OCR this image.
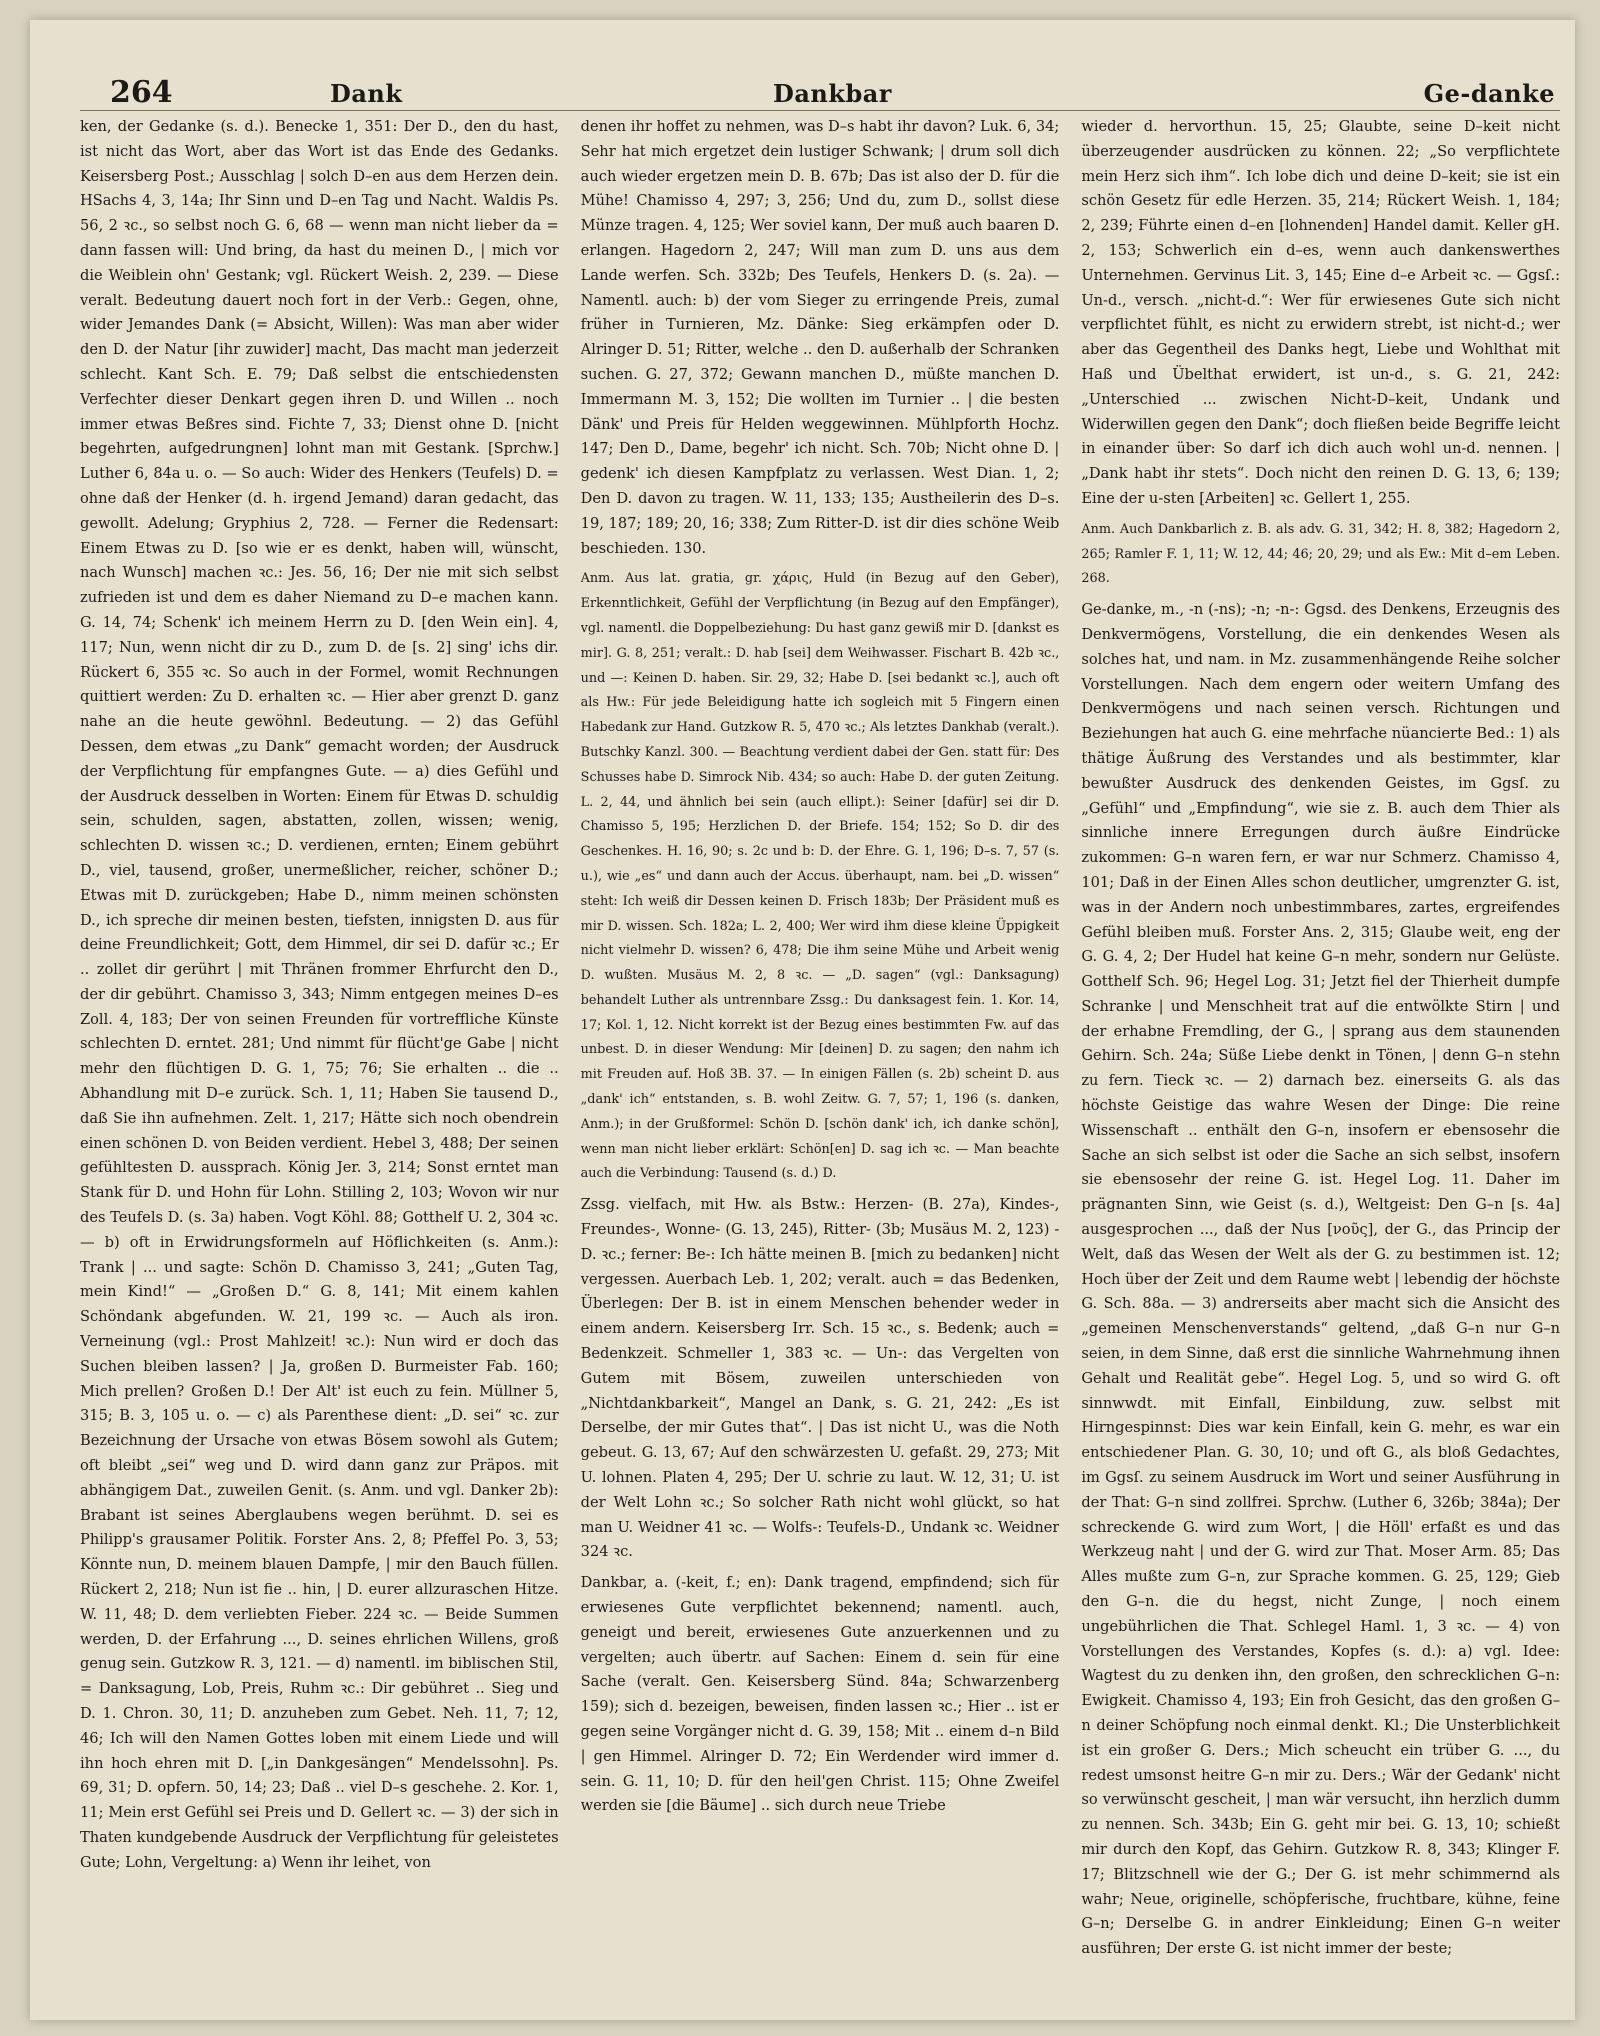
264	Dank	Dankbar	Ge-danke

ken, der Gedanke (s. d.). Benecke 1, 351: Der D., den du hast, ist nicht das Wort, aber das Wort ist das Ende des Gedanks. Keisersberg Post.; Ausschlag | solch D–en aus dem Herzen dein. HSachs 4, 3, 14a; Ihr Sinn und D–en Tag und Nacht. Waldis Ps. 56, 2 ꝛc., so selbst noch G. 6, 68 — wenn man nicht lieber da = dann fassen will: Und bring, da hast du meinen D., | mich vor die Weiblein ohn' Gestank; vgl. Rückert Weish. 2, 239. — Diese veralt. Bedeutung dauert noch fort in der Verb.: Gegen, ohne, wider Jemandes Dank (= Absicht, Willen): Was man aber wider den D. der Natur [ihr zuwider] macht, Das macht man jederzeit schlecht. Kant Sch. E. 79; Daß selbst die entschiedensten Verfechter dieser Denkart gegen ihren D. und Willen .. noch immer etwas Beßres sind. Fichte 7, 33; Dienst ohne D. [nicht begehrten, aufgedrungnen] lohnt man mit Gestank. [Sprchw.] Luther 6, 84a u. o. — So auch: Wider des Henkers (Teufels) D. = ohne daß der Henker (d. h. irgend Jemand) daran gedacht, das gewollt. Adelung; Gryphius 2, 728. — Ferner die Redensart: Einem Etwas zu D. [so wie er es denkt, haben will, wünscht, nach Wunsch] machen ꝛc.: Jes. 56, 16; Der nie mit sich selbst zufrieden ist und dem es daher Niemand zu D–e machen kann. G. 14, 74; Schenk' ich meinem Herrn zu D. [den Wein ein]. 4, 117; Nun, wenn nicht dir zu D., zum D. de [s. 2] sing' ichs dir. Rückert 6, 355 ꝛc. So auch in der Formel, womit Rechnungen quittiert werden: Zu D. erhalten ꝛc. — Hier aber grenzt D. ganz nahe an die heute gewöhnl. Bedeutung. — 2) das Gefühl Dessen, dem etwas „zu Dank“ gemacht worden; der Ausdruck der Verpflichtung für empfangnes Gute. — a) dies Gefühl und der Ausdruck desselben in Worten: Einem für Etwas D. schuldig sein, schulden, sagen, abstatten, zollen, wissen; wenig, schlechten D. wissen ꝛc.; D. verdienen, ernten; Einem gebührt D., viel, tausend, großer, unermeßlicher, reicher, schöner D.; Etwas mit D. zurückgeben; Habe D., nimm meinen schönsten D., ich spreche dir meinen besten, tiefsten, innigsten D. aus für deine Freundlichkeit; Gott, dem Himmel, dir sei D. dafür ꝛc.; Er .. zollet dir gerührt | mit Thränen frommer Ehrfurcht den D., der dir gebührt. Chamisso 3, 343; Nimm entgegen meines D–es Zoll. 4, 183; Der von seinen Freunden für vortreffliche Künste schlechten D. erntet. 281; Und nimmt für flücht'ge Gabe | nicht mehr den flüchtigen D. G. 1, 75; 76; Sie erhalten .. die .. Abhandlung mit D–e zurück. Sch. 1, 11; Haben Sie tausend D., daß Sie ihn aufnehmen. Zelt. 1, 217; Hätte sich noch obendrein einen schönen D. von Beiden verdient. Hebel 3, 488; Der seinen gefühltesten D. aussprach. König Jer. 3, 214; Sonst erntet man Stank für D. und Hohn für Lohn. Stilling 2, 103; Wovon wir nur des Teufels D. (s. 3a) haben. Vogt Köhl. 88; Gotthelf U. 2, 304 ꝛc. — b) oft in Erwidrungsformeln auf Höflichkeiten (s. Anm.): Trank | ... und sagte: Schön D. Chamisso 3, 241; „Guten Tag, mein Kind!“ — „Großen D.“ G. 8, 141; Mit einem kahlen Schöndank abgefunden. W. 21, 199 ꝛc. — Auch als iron. Verneinung (vgl.: Prost Mahlzeit! ꝛc.): Nun wird er doch das Suchen bleiben lassen? | Ja, großen D. Burmeister Fab. 160; Mich prellen? Großen D.! Der Alt' ist euch zu fein. Müllner 5, 315; B. 3, 105 u. o. — c) als Parenthese dient: „D. sei“ ꝛc. zur Bezeichnung der Ursache von etwas Bösem sowohl als Gutem; oft bleibt „sei“ weg und D. wird dann ganz zur Präpos. mit abhängigem Dat., zuweilen Genit. (s. Anm. und vgl. Danker 2b): Brabant ist seines Aberglaubens wegen berühmt. D. sei es Philipp's grausamer Politik. Forster Ans. 2, 8; Pfeffel Po. 3, 53; Könnte nun, D. meinem blauen Dampfe, | mir den Bauch füllen. Rückert 2, 218; Nun ist fie .. hin, | D. eurer allzuraschen Hitze. W. 11, 48; D. dem verliebten Fieber. 224 ꝛc. — Beide Summen werden, D. der Erfahrung ..., D. seines ehrlichen Willens, groß genug sein. Gutzkow R. 3, 121. — d) namentl. im biblischen Stil, = Danksagung, Lob, Preis, Ruhm ꝛc.: Dir gebühret .. Sieg und D. 1. Chron. 30, 11; D. anzuheben zum Gebet. Neh. 11, 7; 12, 46; Ich will den Namen Gottes loben mit einem Liede und will ihn hoch ehren mit D. [„in Dankgesängen“ Mendelssohn]. Ps. 69, 31; D. opfern. 50, 14; 23; Daß .. viel D–s geschehe. 2. Kor. 1, 11; Mein erst Gefühl sei Preis und D. Gellert ꝛc. — 3) der sich in Thaten kundgebende Ausdruck der Verpflichtung für geleistetes Gute; Lohn, Vergeltung: a) Wenn ihr leihet, von

denen ihr hoffet zu nehmen, was D–s habt ihr davon? Luk. 6, 34; Sehr hat mich ergetzet dein lustiger Schwank; | drum soll dich auch wieder ergetzen mein D. B. 67b; Das ist also der D. für die Mühe! Chamisso 4, 297; 3, 256; Und du, zum D., sollst diese Münze tragen. 4, 125; Wer soviel kann, Der muß auch baaren D. erlangen. Hagedorn 2, 247; Will man zum D. uns aus dem Lande werfen. Sch. 332b; Des Teufels, Henkers D. (s. 2a). — Namentl. auch: b) der vom Sieger zu erringende Preis, zumal früher in Turnieren, Mz. Dänke: Sieg erkämpfen oder D. Alringer D. 51; Ritter, welche .. den D. außerhalb der Schranken suchen. G. 27, 372; Gewann manchen D., müßte manchen D. Immermann M. 3, 152; Die wollten im Turnier .. | die besten Dänk' und Preis für Helden weggewinnen. Mühlpforth Hochz. 147; Den D., Dame, begehr' ich nicht. Sch. 70b; Nicht ohne D. | gedenk' ich diesen Kampfplatz zu verlassen. West Dian. 1, 2; Den D. davon zu tragen. W. 11, 133; 135; Austheilerin des D–s. 19, 187; 189; 20, 16; 338; Zum Ritter-D. ist dir dies schöne Weib beschieden. 130.

Anm. Aus lat. gratia, gr. χάρις, Huld (in Bezug auf den Geber), Erkenntlichkeit, Gefühl der Verpflichtung (in Bezug auf den Empfänger), vgl. namentl. die Doppelbeziehung: Du hast ganz gewiß mir D. [dankst es mir]. G. 8, 251; veralt.: D. hab [sei] dem Weihwasser. Fischart B. 42b ꝛc., und —: Keinen D. haben. Sir. 29, 32; Habe D. [sei bedankt ꝛc.], auch oft als Hw.: Für jede Beleidigung hatte ich sogleich mit 5 Fingern einen Habedank zur Hand. Gutzkow R. 5, 470 ꝛc.; Als letztes Dankhab (veralt.). Butschky Kanzl. 300. — Beachtung verdient dabei der Gen. statt für: Des Schusses habe D. Simrock Nib. 434; so auch: Habe D. der guten Zeitung. L. 2, 44, und ähnlich bei sein (auch ellipt.): Seiner [dafür] sei dir D. Chamisso 5, 195; Herzlichen D. der Briefe. 154; 152; So D. dir des Geschenkes. H. 16, 90; s. 2c und b: D. der Ehre. G. 1, 196; D–s. 7, 57 (s. u.), wie „es“ und dann auch der Accus. überhaupt, nam. bei „D. wissen“ steht: Ich weiß dir Dessen keinen D. Frisch 183b; Der Präsident muß es mir D. wissen. Sch. 182a; L. 2, 400; Wer wird ihm diese kleine Üppigkeit nicht vielmehr D. wissen? 6, 478; Die ihm seine Mühe und Arbeit wenig D. wußten. Musäus M. 2, 8 ꝛc. — „D. sagen“ (vgl.: Danksagung) behandelt Luther als untrennbare Zssg.: Du danksagest fein. 1. Kor. 14, 17; Kol. 1, 12. Nicht korrekt ist der Bezug eines bestimmten Fw. auf das unbest. D. in dieser Wendung: Mir [deinen] D. zu sagen; den nahm ich mit Freuden auf. Hoß 3B. 37. — In einigen Fällen (s. 2b) scheint D. aus „dank' ich“ entstanden, s. B. wohl Zeitw. G. 7, 57; 1, 196 (s. danken, Anm.); in der Grußformel: Schön D. [schön dank' ich, ich danke schön], wenn man nicht lieber erklärt: Schön[en] D. sag ich ꝛc. — Man beachte auch die Verbindung: Tausend (s. d.) D.

Zssg. vielfach, mit Hw. als Bstw.: Herzen- (B. 27a), Kindes-, Freundes-, Wonne- (G. 13, 245), Ritter- (3b; Musäus M. 2, 123) -D. ꝛc.; ferner: Be-: Ich hätte meinen B. [mich zu bedanken] nicht vergessen. Auerbach Leb. 1, 202; veralt. auch = das Bedenken, Überlegen: Der B. ist in einem Menschen behender weder in einem andern. Keisersberg Irr. Sch. 15 ꝛc., s. Bedenk; auch = Bedenkzeit. Schmeller 1, 383 ꝛc. — Un-: das Vergelten von Gutem mit Bösem, zuweilen unterschieden von „Nichtdankbarkeit“, Mangel an Dank, s. G. 21, 242: „Es ist Derselbe, der mir Gutes that“. | Das ist nicht U., was die Noth gebeut. G. 13, 67; Auf den schwärzesten U. gefaßt. 29, 273; Mit U. lohnen. Platen 4, 295; Der U. schrie zu laut. W. 12, 31; U. ist der Welt Lohn ꝛc.; So solcher Rath nicht wohl glückt, so hat man U. Weidner 41 ꝛc. — Wolfs-: Teufels-D., Undank ꝛc. Weidner 324 ꝛc.

Dankbar, a. (-keit, f.; en): Dank tragend, empfindend; sich für erwiesenes Gute verpflichtet bekennend; namentl. auch, geneigt und bereit, erwiesenes Gute anzuerkennen und zu vergelten; auch übertr. auf Sachen: Einem d. sein für eine Sache (veralt. Gen. Keisersberg Sünd. 84a; Schwarzenberg 159); sich d. bezeigen, beweisen, finden lassen ꝛc.; Hier .. ist er gegen seine Vorgänger nicht d. G. 39, 158; Mit .. einem d–n Bild | gen Himmel. Alringer D. 72; Ein Werdender wird immer d. sein. G. 11, 10; D. für den heil'gen Christ. 115; Ohne Zweifel werden sie [die Bäume] .. sich durch neue Triebe

wieder d. hervorthun. 15, 25; Glaubte, seine D–keit nicht überzeugender ausdrücken zu können. 22; „So verpflichtete mein Herz sich ihm“. Ich lobe dich und deine D–keit; sie ist ein schön Gesetz für edle Herzen. 35, 214; Rückert Weish. 1, 184; 2, 239; Führte einen d–en [lohnenden] Handel damit. Keller gH. 2, 153; Schwerlich ein d–es, wenn auch dankenswerthes Unternehmen. Gervinus Lit. 3, 145; Eine d–e Arbeit ꝛc. — Ggsſ.: Un-d., versch. „nicht-d.“: Wer für erwiesenes Gute sich nicht verpflichtet fühlt, es nicht zu erwidern strebt, ist nicht-d.; wer aber das Gegentheil des Danks hegt, Liebe und Wohlthat mit Haß und Übelthat erwidert, ist un-d., s. G. 21, 242: „Unterschied ... zwischen Nicht-D–keit, Undank und Widerwillen gegen den Dank“; doch fließen beide Begriffe leicht in einander über: So darf ich dich auch wohl un-d. nennen. | „Dank habt ihr stets“. Doch nicht den reinen D. G. 13, 6; 139; Eine der u-sten [Arbeiten] ꝛc. Gellert 1, 255.

Anm. Auch Dankbarlich z. B. als adv. G. 31, 342; H. 8, 382; Hagedorn 2, 265; Ramler F. 1, 11; W. 12, 44; 46; 20, 29; und als Ew.: Mit d–em Leben. 268.

Ge-danke, m., -n (-ns); -n; -n-: Ggsd. des Denkens, Erzeugnis des Denkvermögens, Vorstellung, die ein denkendes Wesen als solches hat, und nam. in Mz. zusammenhängende Reihe solcher Vorstellungen. Nach dem engern oder weitern Umfang des Denkvermögens und nach seinen versch. Richtungen und Beziehungen hat auch G. eine mehrfache nüancierte Bed.: 1) als thätige Äußrung des Verstandes und als bestimmter, klar bewußter Ausdruck des denkenden Geistes, im Ggsſ. zu „Gefühl“ und „Empfindung“, wie sie z. B. auch dem Thier als sinnliche innere Erregungen durch äußre Eindrücke zukommen: G–n waren fern, er war nur Schmerz. Chamisso 4, 101; Daß in der Einen Alles schon deutlicher, umgrenzter G. ist, was in der Andern noch unbestimmbares, zartes, ergreifendes Gefühl bleiben muß. Forster Ans. 2, 315; Glaube weit, eng der G. G. 4, 2; Der Hudel hat keine G–n mehr, sondern nur Gelüste. Gotthelf Sch. 96; Hegel Log. 31; Jetzt fiel der Thierheit dumpfe Schranke | und Menschheit trat auf die entwölkte Stirn | und der erhabne Fremdling, der G., | sprang aus dem staunenden Gehirn. Sch. 24a; Süße Liebe denkt in Tönen, | denn G–n stehn zu fern. Tieck ꝛc. — 2) darnach bez. einerseits G. als das höchste Geistige das wahre Wesen der Dinge: Die reine Wissenschaft .. enthält den G–n, insofern er ebensosehr die Sache an sich selbst ist oder die Sache an sich selbst, insofern sie ebensosehr der reine G. ist. Hegel Log. 11. Daher im prägnanten Sinn, wie Geist (s. d.), Weltgeist: Den G–n [s. 4a] ausgesprochen ..., daß der Nus [νοῦς], der G., das Princip der Welt, daß das Wesen der Welt als der G. zu bestimmen ist. 12; Hoch über der Zeit und dem Raume webt | lebendig der höchste G. Sch. 88a. — 3) andrerseits aber macht sich die Ansicht des „gemeinen Menschenverstands“ geltend, „daß G–n nur G–n seien, in dem Sinne, daß erst die sinnliche Wahrnehmung ihnen Gehalt und Realität gebe“. Hegel Log. 5, und so wird G. oft sinnwwdt. mit Einfall, Einbildung, zuw. selbst mit Hirngespinnst: Dies war kein Einfall, kein G. mehr, es war ein entschiedener Plan. G. 30, 10; und oft G., als bloß Gedachtes, im Ggsſ. zu seinem Ausdruck im Wort und seiner Ausführung in der That: G–n sind zollfrei. Sprchw. (Luther 6, 326b; 384a); Der schreckende G. wird zum Wort, | die Höll' erfaßt es und das Werkzeug naht | und der G. wird zur That. Moser Arm. 85; Das Alles mußte zum G–n, zur Sprache kommen. G. 25, 129; Gieb den G–n. die du hegst, nicht Zunge, | noch einem ungebührlichen die That. Schlegel Haml. 1, 3 ꝛc. — 4) von Vorstellungen des Verstandes, Kopfes (s. d.): a) vgl. Idee: Wagtest du zu denken ihn, den großen, den schrecklichen G–n: Ewigkeit. Chamisso 4, 193; Ein froh Gesicht, das den großen G–n deiner Schöpfung noch einmal denkt. Kl.; Die Unsterblichkeit ist ein großer G. Ders.; Mich scheucht ein trüber G. ..., du redest umsonst heitre G–n mir zu. Ders.; Wär der Gedank' nicht so verwünscht gescheit, | man wär versucht, ihn herzlich dumm zu nennen. Sch. 343b; Ein G. geht mir bei. G. 13, 10; schießt mir durch den Kopf, das Gehirn. Gutzkow R. 8, 343; Klinger F. 17; Blitzschnell wie der G.; Der G. ist mehr schimmernd als wahr; Neue, originelle, schöpferische, fruchtbare, kühne, feine G–n; Derselbe G. in andrer Einkleidung; Einen G–n weiter ausführen; Der erste G. ist nicht immer der beste;
